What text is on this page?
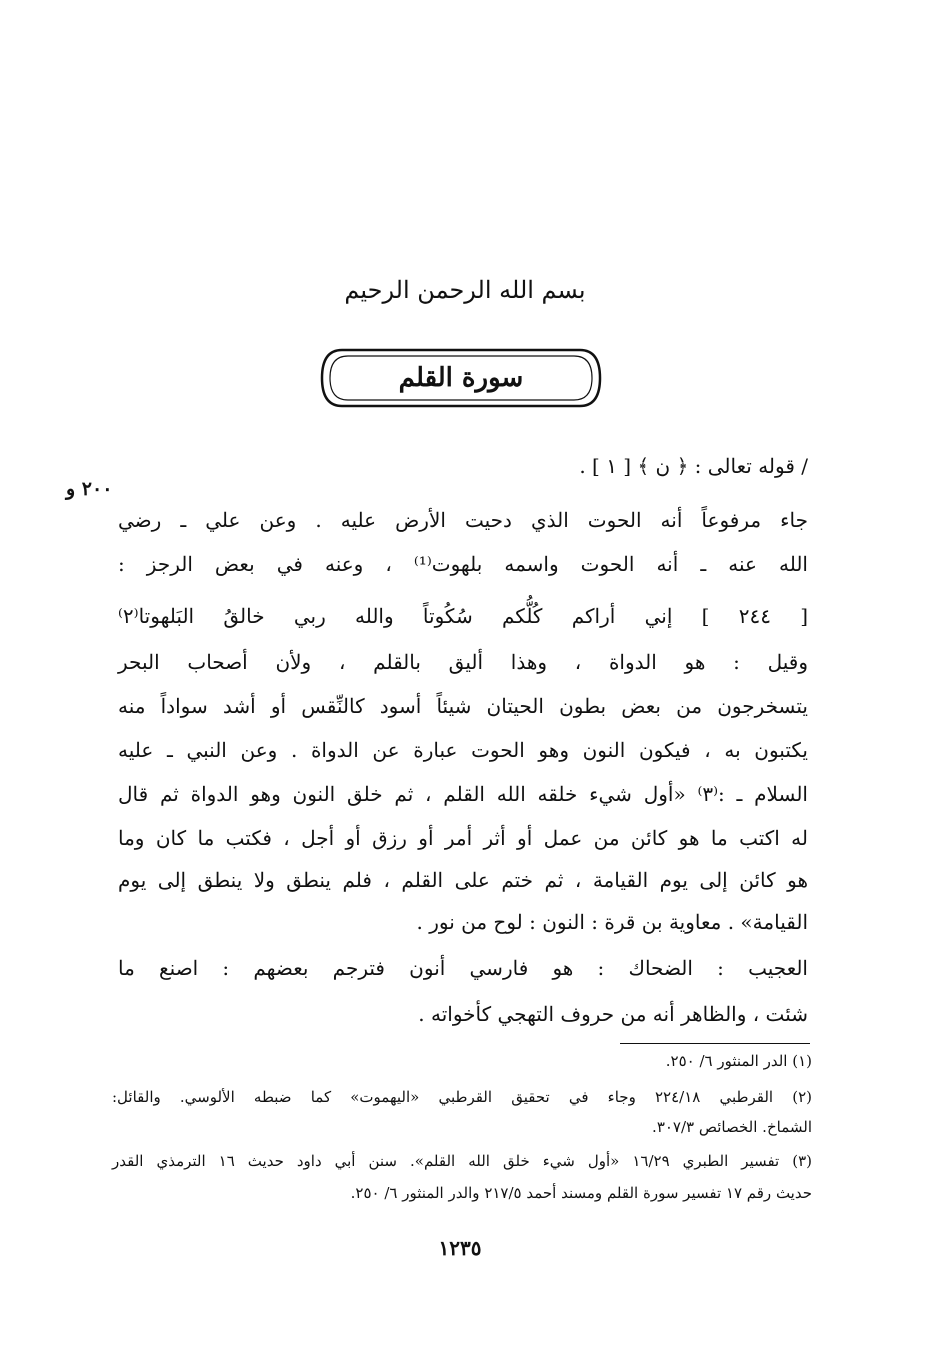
بسم الله الرحمن الرحيم
سورة القلم
٢٠٠ و
/ قوله تعالى : ﴿ ن ﴾ [ ١ ] .
جاء مرفوعاً أنه الحوت الذي دحيت الأرض عليه . وعن علي ـ رضي
الله عنه ـ أنه الحوت واسمه بلهوت⁽¹⁾ ، وعنه في بعض الرجز :
[ ٢٤٤ ] إني أراكم كُلُّكم سُكُوتاً والله ربي خالقُ البَلهوتا⁽٢⁾
وقيل : هو الدواة ، وهذا أليق بالقلم ، ولأن أصحاب البحر
يتسخرجون من بعض بطون الحيتان شيئاً أسود كالنِّقس أو أشد سواداً منه
يكتبون به ، فيكون النون وهو الحوت عبارة عن الدواة . وعن النبي ـ عليه
السلام ـ :⁽٣⁾ «أول شيء خلقه الله القلم ، ثم خلق النون وهو الدواة ثم قال
له اكتب ما هو كائن من عمل أو أثر أمر أو رزق أو أجل ، فكتب ما كان وما
هو كائن إلى يوم القيامة ، ثم ختم على القلم ، فلم ينطق ولا ينطق إلى يوم
القيامة» . معاوية بن قرة : النون : لوح من نور .
العجيب : الضحاك : هو فارسي أنون فترجم بعضهم : اصنع ما
شئت ، والظاهر أنه من حروف التهجي كأخواته .
(١) الدر المنثور ٦/ ٢٥٠.
(٢) القرطبي ٢٢٤/١٨ وجاء في تحقيق القرطبي «اليهموت» كما ضبطه الألوسي. والقائل:
الشماخ. الخصائص ٣٠٧/٣.
(٣) تفسير الطبري ١٦/٢٩ «أول شيء خلق الله القلم». سنن أبي داود حديث ١٦ الترمذي القدر
حديث رقم ١٧ تفسير سورة القلم ومسند أحمد ٢١٧/٥ والدر المنثور ٦/ ٢٥٠.
١٢٣٥
